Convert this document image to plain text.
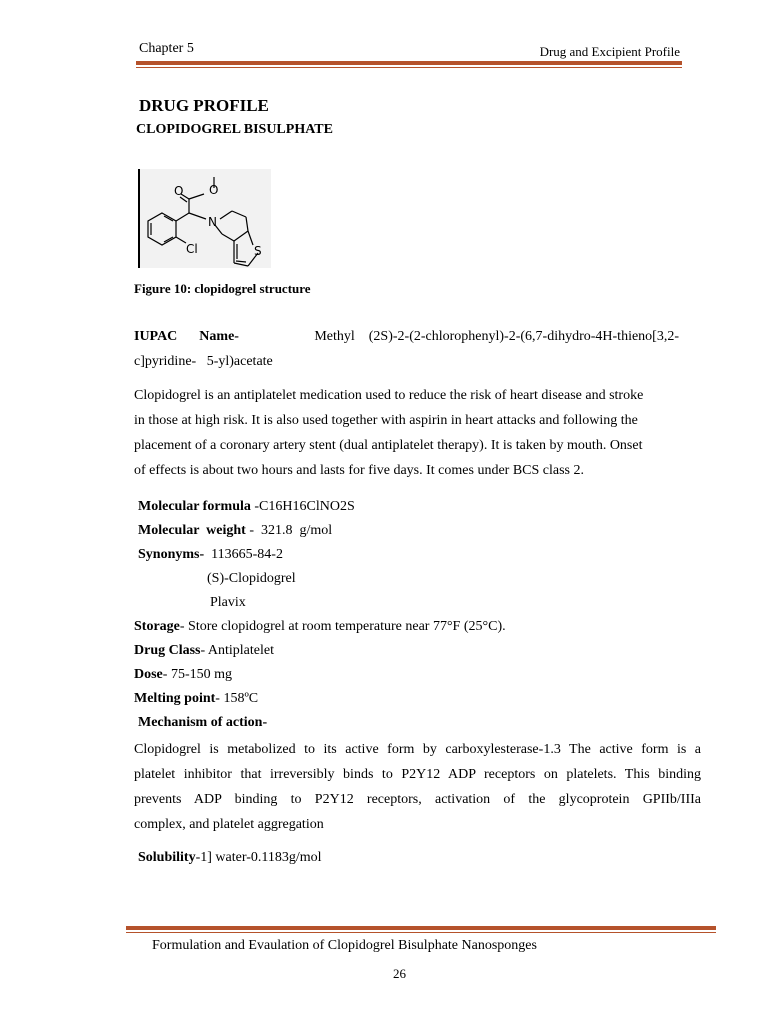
Chapter 5	Drug and Excipient Profile
DRUG PROFILE
CLOPIDOGREL BISULPHATE
O O
N
Cl	S
Figure 10: clopidogrel structure
IUPAC Name-	Methyl    (2S)-2-(2-chlorophenyl)-2-(6,7-dihydro-4H-thieno[3,2-
c]pyridine-   5-yl)acetate
Clopidogrel is an antiplatelet medication used to reduce the risk of heart disease and stroke
in those at high risk. It is also used together with aspirin in heart attacks and following the
placement of a coronary artery stent (dual antiplatelet therapy). It is taken by mouth. Onset
of effects is about two hours and lasts for five days. It comes under BCS class 2.
Molecular formula -C16H16ClNO2S
Molecular  weight -  321.8  g/mol
Synonyms- 113665-84-2
(S)-Clopidogrel
Plavix
Storage- Store clopidogrel at room temperature near 77°F (25°C).
Drug Class- Antiplatelet
Dose- 75-150 mg
Melting point- 158ºC
Mechanism of action-
Clopidogrel is metabolized to its active form by carboxylesterase-1.3 The active form is a
platelet inhibitor that irreversibly binds to P2Y12 ADP receptors on platelets. This binding
prevents ADP binding to P2Y12 receptors, activation of the glycoprotein GPIIb/IIIa
complex, and platelet aggregation
Solubility-1] water-0.1183g/mol
Formulation and Evaulation of Clopidogrel Bisulphate Nanosponges
26
